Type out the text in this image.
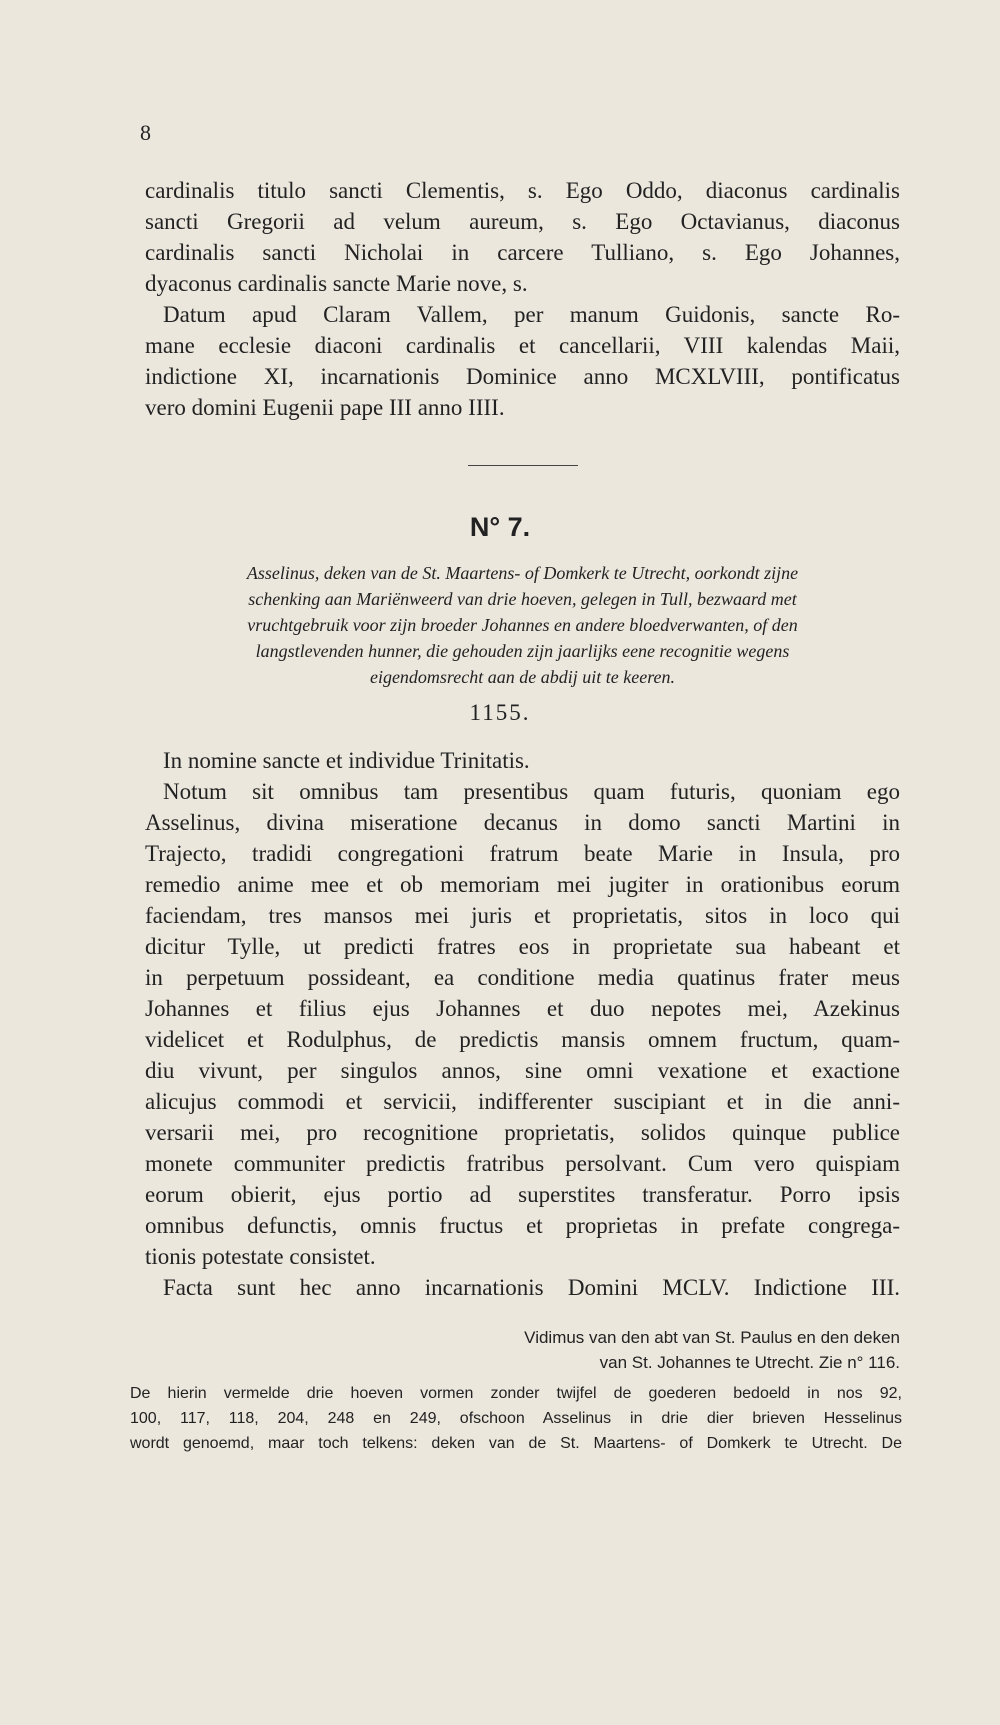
8
cardinalis titulo sancti Clementis, s. Ego Oddo, diaconus cardinalis
sancti Gregorii ad velum aureum, s. Ego Octavianus, diaconus
cardinalis sancti Nicholai in carcere Tulliano, s. Ego Johannes,
dyaconus cardinalis sancte Marie nove, s.
Datum apud Claram Vallem, per manum Guidonis, sancte Ro-
mane ecclesie diaconi cardinalis et cancellarii, VIII kalendas Maii,
indictione XI, incarnationis Dominice anno MCXLVIII, pontificatus
vero domini Eugenii pape III anno IIII.
N° 7.
Asselinus, deken van de St. Maartens- of Domkerk te Utrecht, oorkondt zijne
schenking aan Mariënweerd van drie hoeven, gelegen in Tull, bezwaard met
vruchtgebruik voor zijn broeder Johannes en andere bloedverwanten, of den
langstlevenden hunner, die gehouden zijn jaarlijks eene recognitie wegens
eigendomsrecht aan de abdij uit te keeren.
1155.
In nomine sancte et individue Trinitatis.
Notum sit omnibus tam presentibus quam futuris, quoniam ego
Asselinus, divina miseratione decanus in domo sancti Martini in
Trajecto, tradidi congregationi fratrum beate Marie in Insula, pro
remedio anime mee et ob memoriam mei jugiter in orationibus eorum
faciendam, tres mansos mei juris et proprietatis, sitos in loco qui
dicitur Tylle, ut predicti fratres eos in proprietate sua habeant et
in perpetuum possideant, ea conditione media quatinus frater meus
Johannes et filius ejus Johannes et duo nepotes mei, Azekinus
videlicet et Rodulphus, de predictis mansis omnem fructum, quam-
diu vivunt, per singulos annos, sine omni vexatione et exactione
alicujus commodi et servicii, indifferenter suscipiant et in die anni-
versarii mei, pro recognitione proprietatis, solidos quinque publice
monete communiter predictis fratribus persolvant. Cum vero quispiam
eorum obierit, ejus portio ad superstites transferatur. Porro ipsis
omnibus defunctis, omnis fructus et proprietas in prefate congrega-
tionis potestate consistet.
Facta sunt hec anno incarnationis Domini MCLV. Indictione III.
Vidimus van den abt van St. Paulus en den deken
van St. Johannes te Utrecht. Zie n° 116.
De hierin vermelde drie hoeven vormen zonder twijfel de goederen bedoeld in nos 92,
100, 117, 118, 204, 248 en 249, ofschoon Asselinus in drie dier brieven Hesselinus
wordt genoemd, maar toch telkens: deken van de St. Maartens- of Domkerk te Utrecht. De
